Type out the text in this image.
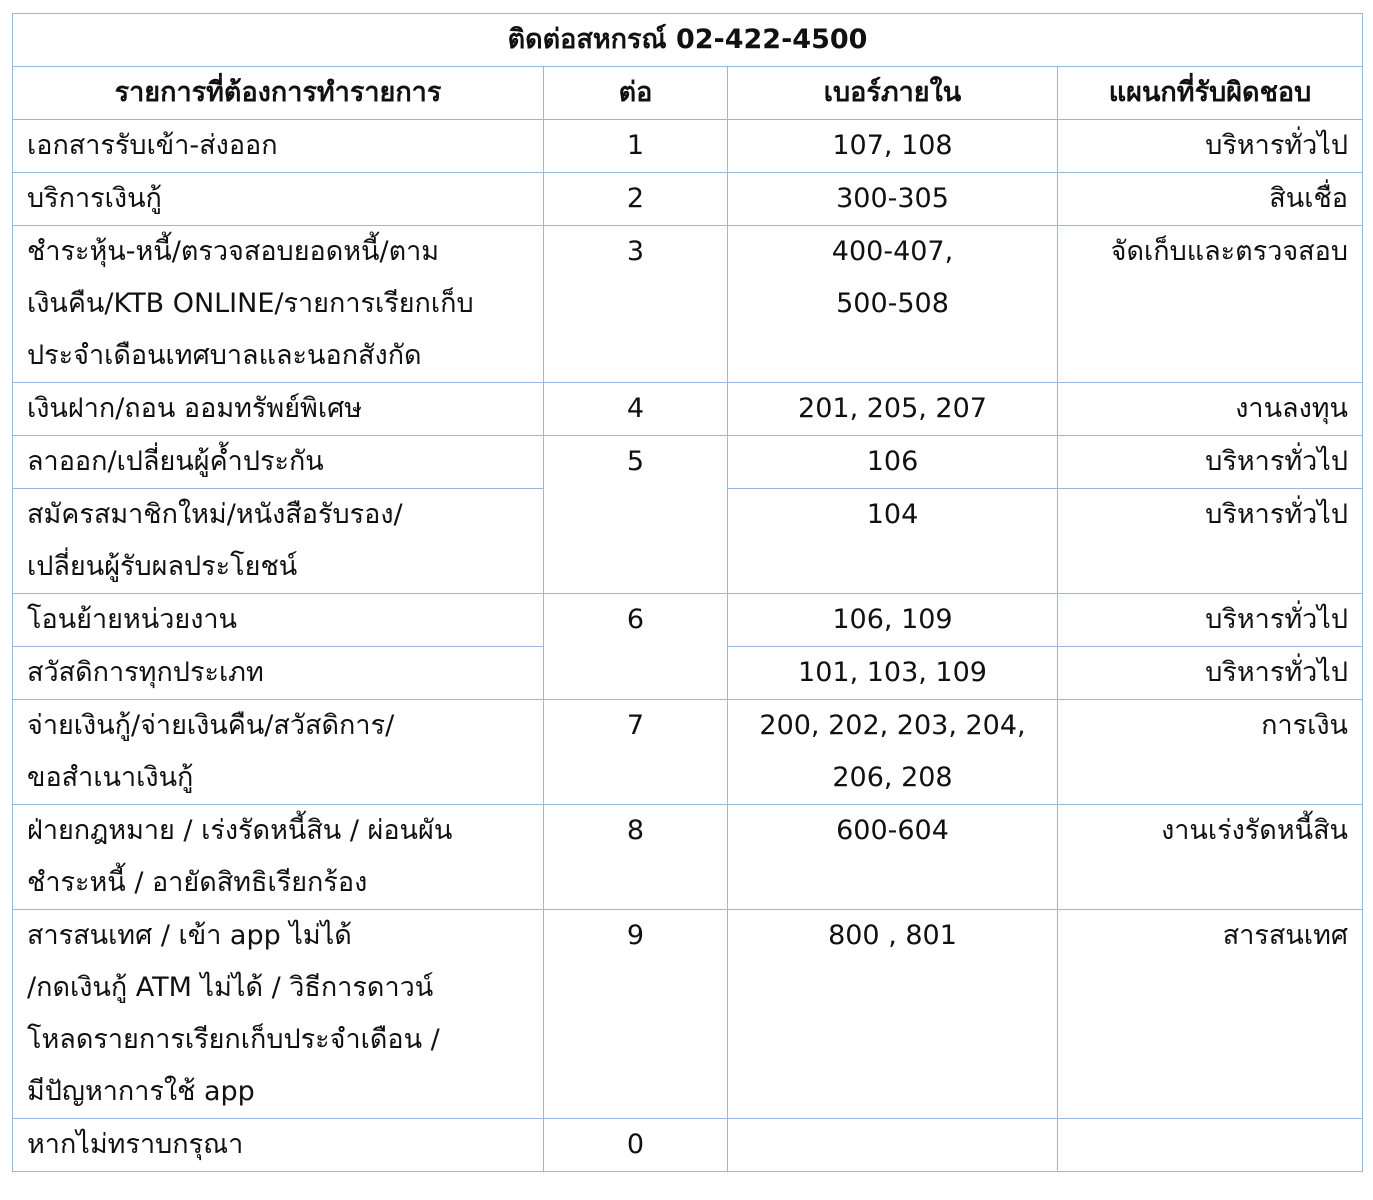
ติดต่อสหกรณ์ 02-422-4500			
รายการที่ต้องการทำรายการ	ต่อ	เบอร์ภายใน	แผนกที่รับผิดชอบ

เอกสารรับเข้า-ส่งออก	1	107, 108	บริหารทั่วไป

บริการเงินกู้	2	300-305	สินเชื่อ

ชำระหุ้น-หนี้/ตรวจสอบยอดหนี้/ตาม
เงินคืน/KTB ONLINE/รายการเรียกเก็บ
ประจำเดือนเทศบาลและนอกสังกัด	3	400-407,
500-508	จัดเก็บและตรวจสอบ

เงินฝาก/ถอน ออมทรัพย์พิเศษ	4	201, 205, 207	งานลงทุน

ลาออก/เปลี่ยนผู้ค้ำประกัน	5	106	บริหารทั่วไป

สมัครสมาชิกใหม่/หนังสือรับรอง/
เปลี่ยนผู้รับผลประโยชน์		104	บริหารทั่วไป

โอนย้ายหน่วยงาน	6	106, 109	บริหารทั่วไป

สวัสดิการทุกประเภท		101, 103, 109	บริหารทั่วไป

จ่ายเงินกู้/จ่ายเงินคืน/สวัสดิการ/
ขอสำเนาเงินกู้	7	200, 202, 203, 204,
206, 208	การเงิน

ฝ่ายกฎหมาย / เร่งรัดหนี้สิน / ผ่อนผัน
ชำระหนี้ / อายัดสิทธิเรียกร้อง	8	600-604	งานเร่งรัดหนี้สิน

สารสนเทศ / เข้า app ไม่ได้
/กดเงินกู้ ATM ไม่ได้ / วิธีการดาวน์
โหลดรายการเรียกเก็บประจำเดือน /
มีปัญหาการใช้ app	9	800 , 801	สารสนเทศ

หากไม่ทราบกรุณา	0	
